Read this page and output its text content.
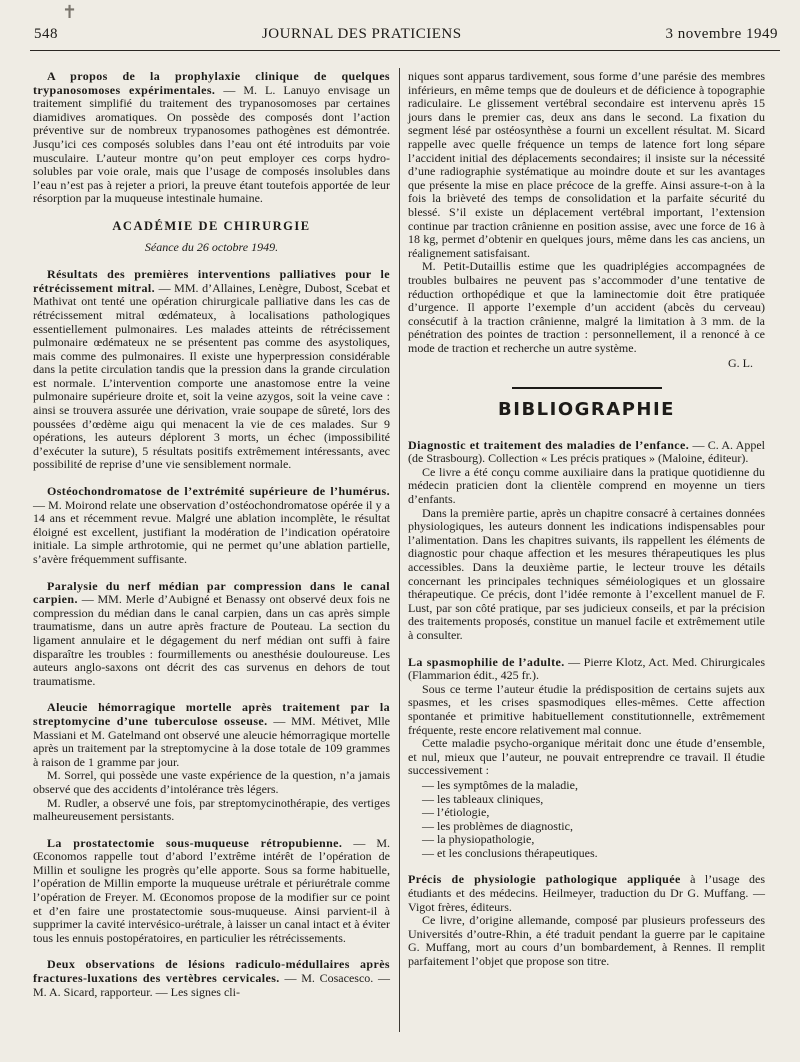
✝
548	JOURNAL DES PRATICIENS	3 novembre 1949

A propos de la prophylaxie clinique de quelques trypanosomoses expérimentales. — M. L. Lanuyo envisage un traitement simplifié du traitement des trypanosomoses par certaines diamidives aromatiques. On possède des composés dont l’action préventive sur de nombreux trypanosomes pathogènes est démontrée. Jusqu’ici ces composés solubles dans l’eau ont été introduits par voie musculaire. L’auteur montre qu’on peut employer ces corps hydro-solubles par voie orale, mais que l’usage de composés insolubles dans l’eau n’est pas à rejeter a priori, la preuve étant toutefois apportée de leur résorption par la muqueuse intestinale humaine.

ACADÉMIE DE CHIRURGIE
Séance du 26 octobre 1949.

Résultats des premières interventions palliatives pour le rétrécissement mitral. — MM. d’Allaines, Lenègre, Dubost, Scebat et Mathivat ont tenté une opération chirurgicale palliative dans les cas de rétrécissement mitral œdémateux, à localisations pathologiques essentiellement pulmonaires. Les malades atteints de rétrécissement pulmonaire œdémateux ne se présentent pas comme des asystoliques, mais comme des pulmonaires. Il existe une hyperpression considérable dans la petite circulation tandis que la pression dans la grande circulation est normale. L’intervention comporte une anastomose entre la veine pulmonaire supérieure droite et, soit la veine azygos, soit la veine cave : ainsi se trouvera assurée une dérivation, vraie soupape de sûreté, lors des poussées d’œdème aigu qui menacent la vie de ces malades. Sur 9 opérations, les auteurs déplorent 3 morts, un échec (impossibilité d’exécuter la suture), 5 résultats positifs extrêmement intéressants, avec possibilité de reprise d’une vie sensiblement normale.

Ostéochondromatose de l’extrémité supérieure de l’humérus. — M. Moirond relate une observation d’ostéochondromatose opérée il y a 14 ans et récemment revue. Malgré une ablation incomplète, le résultat éloigné est excellent, justifiant la modération de l’indication opératoire initiale. La simple arthrotomie, qui ne permet qu’une ablation partielle, s’avère fréquemment suffisante.

Paralysie du nerf médian par compression dans le canal carpien. — MM. Merle d’Aubigné et Benassy ont observé deux fois ne compression du médian dans le canal carpien, dans un cas après simple traumatisme, dans un autre après fracture de Pouteau. La section du ligament annulaire et le dégagement du nerf médian ont suffi à faire disparaître les troubles : fourmillements ou anesthésie douloureuse. Les auteurs anglo-saxons ont décrit des cas survenus en dehors de tout traumatisme.

Aleucie hémorragique mortelle après traitement par la streptomycine d’une tuberculose osseuse. — MM. Métivet, Mlle Massiani et M. Gatelmand ont observé une aleucie hémorragique mortelle après un traitement par la streptomycine à la dose totale de 109 grammes à raison de 1 gramme par jour.

M. Sorrel, qui possède une vaste expérience de la question, n’a jamais observé que des accidents d’intolérance très légers.

M. Rudler, a observé une fois, par streptomycinothérapie, des vertiges malheureusement persistants.

La prostatectomie sous-muqueuse rétropubienne. — M. Œconomos rappelle tout d’abord l’extrême intérêt de l’opération de Millin et souligne les progrès qu’elle apporte. Sous sa forme habituelle, l’opération de Millin emporte la muqueuse urétrale et périurétrale comme l’opération de Freyer. M. Œconomos propose de la modifier sur ce point et d’en faire une prostatectomie sous-muqueuse. Ainsi parvient-il à supprimer la cavité intervésico-urétrale, à laisser un canal intact et à éviter tous les ennuis postopératoires, en particulier les rétrécissements.

Deux observations de lésions radiculo-médullaires après fractures-luxations des vertèbres cervicales. — M. Cosacesco. — M. A. Sicard, rapporteur. — Les signes cli-

niques sont apparus tardivement, sous forme d’une parésie des membres inférieurs, en même temps que de douleurs et de déficience à topographie radiculaire. Le glissement vertébral secondaire est intervenu après 15 jours dans le premier cas, deux ans dans le second. La fixation du segment lésé par ostéosynthèse a fourni un excellent résultat. M. Sicard rappelle avec quelle fréquence un temps de latence fort long sépare l’accident initial des déplacements secondaires; il insiste sur la nécessité d’une radiographie systématique au moindre doute et sur les avantages que présente la mise en place précoce de la greffe. Ainsi assure-t-on à la fois la brièveté des temps de consolidation et la parfaite sécurité du blessé. S’il existe un déplacement vertébral important, l’extension continue par traction crânienne en position assise, avec une force de 16 à 18 kg, permet d’obtenir en quelques jours, même dans les cas anciens, un réalignement satisfaisant.

M. Petit-Dutaillis estime que les quadriplégies accompagnées de troubles bulbaires ne peuvent pas s’accommoder d’une tentative de réduction orthopédique et que la laminectomie doit être pratiquée d’urgence. Il apporte l’exemple d’un accident (abcès du cerveau) consécutif à la traction crânienne, malgré la limitation à 3 mm. de la pénétration des pointes de traction : personnellement, il a renoncé à ce mode de traction et recherche un autre système.

G. L.
BIBLIOGRAPHIE

Diagnostic et traitement des maladies de l’enfance. — C. A. Appel (de Strasbourg). Collection « Les précis pratiques » (Maloine, éditeur).

Ce livre a été conçu comme auxiliaire dans la pratique quotidienne du médecin praticien dont la clientèle comprend en moyenne un tiers d’enfants.

Dans la première partie, après un chapitre consacré à certaines données physiologiques, les auteurs donnent les indications indispensables pour l’alimentation. Dans les chapitres suivants, ils rappellent les éléments de diagnostic pour chaque affection et les mesures thérapeutiques les plus accessibles. Dans la deuxième partie, le lecteur trouve les détails concernant les principales techniques séméiologiques et un glossaire thérapeutique. Ce précis, dont l’idée remonte à l’excellent manuel de F. Lust, par son côté pratique, par ses judicieux conseils, et par la précision des traitements proposés, constitue un manuel facile et extrêmement utile à consulter.

La spasmophilie de l’adulte. — Pierre Klotz, Act. Med. Chirurgicales (Flammarion édit., 425 fr.).

Sous ce terme l’auteur étudie la prédisposition de certains sujets aux spasmes, et les crises spasmodiques elles-mêmes. Cette affection spontanée et primitive habituellement constitutionnelle, extrêmement fréquente, reste encore relativement mal connue.

Cette maladie psycho-organique méritait donc une étude d’ensemble, et nul, mieux que l’auteur, ne pouvait entreprendre ce travail. Il étudie successivement :

— les symptômes de la maladie,
— les tableaux cliniques,
— l’étiologie,
— les problèmes de diagnostic,
— la physiopathologie,
— et les conclusions thérapeutiques.

Précis de physiologie pathologique appliquée à l’usage des étudiants et des médecins. Heilmeyer, traduction du Dr G. Muffang. — Vigot frères, éditeurs.

Ce livre, d’origine allemande, composé par plusieurs professeurs des Universités d’outre-Rhin, a été traduit pendant la guerre par le capitaine G. Muffang, mort au cours d’un bombardement, à Rennes. Il remplit parfaitement l’objet que propose son titre.
